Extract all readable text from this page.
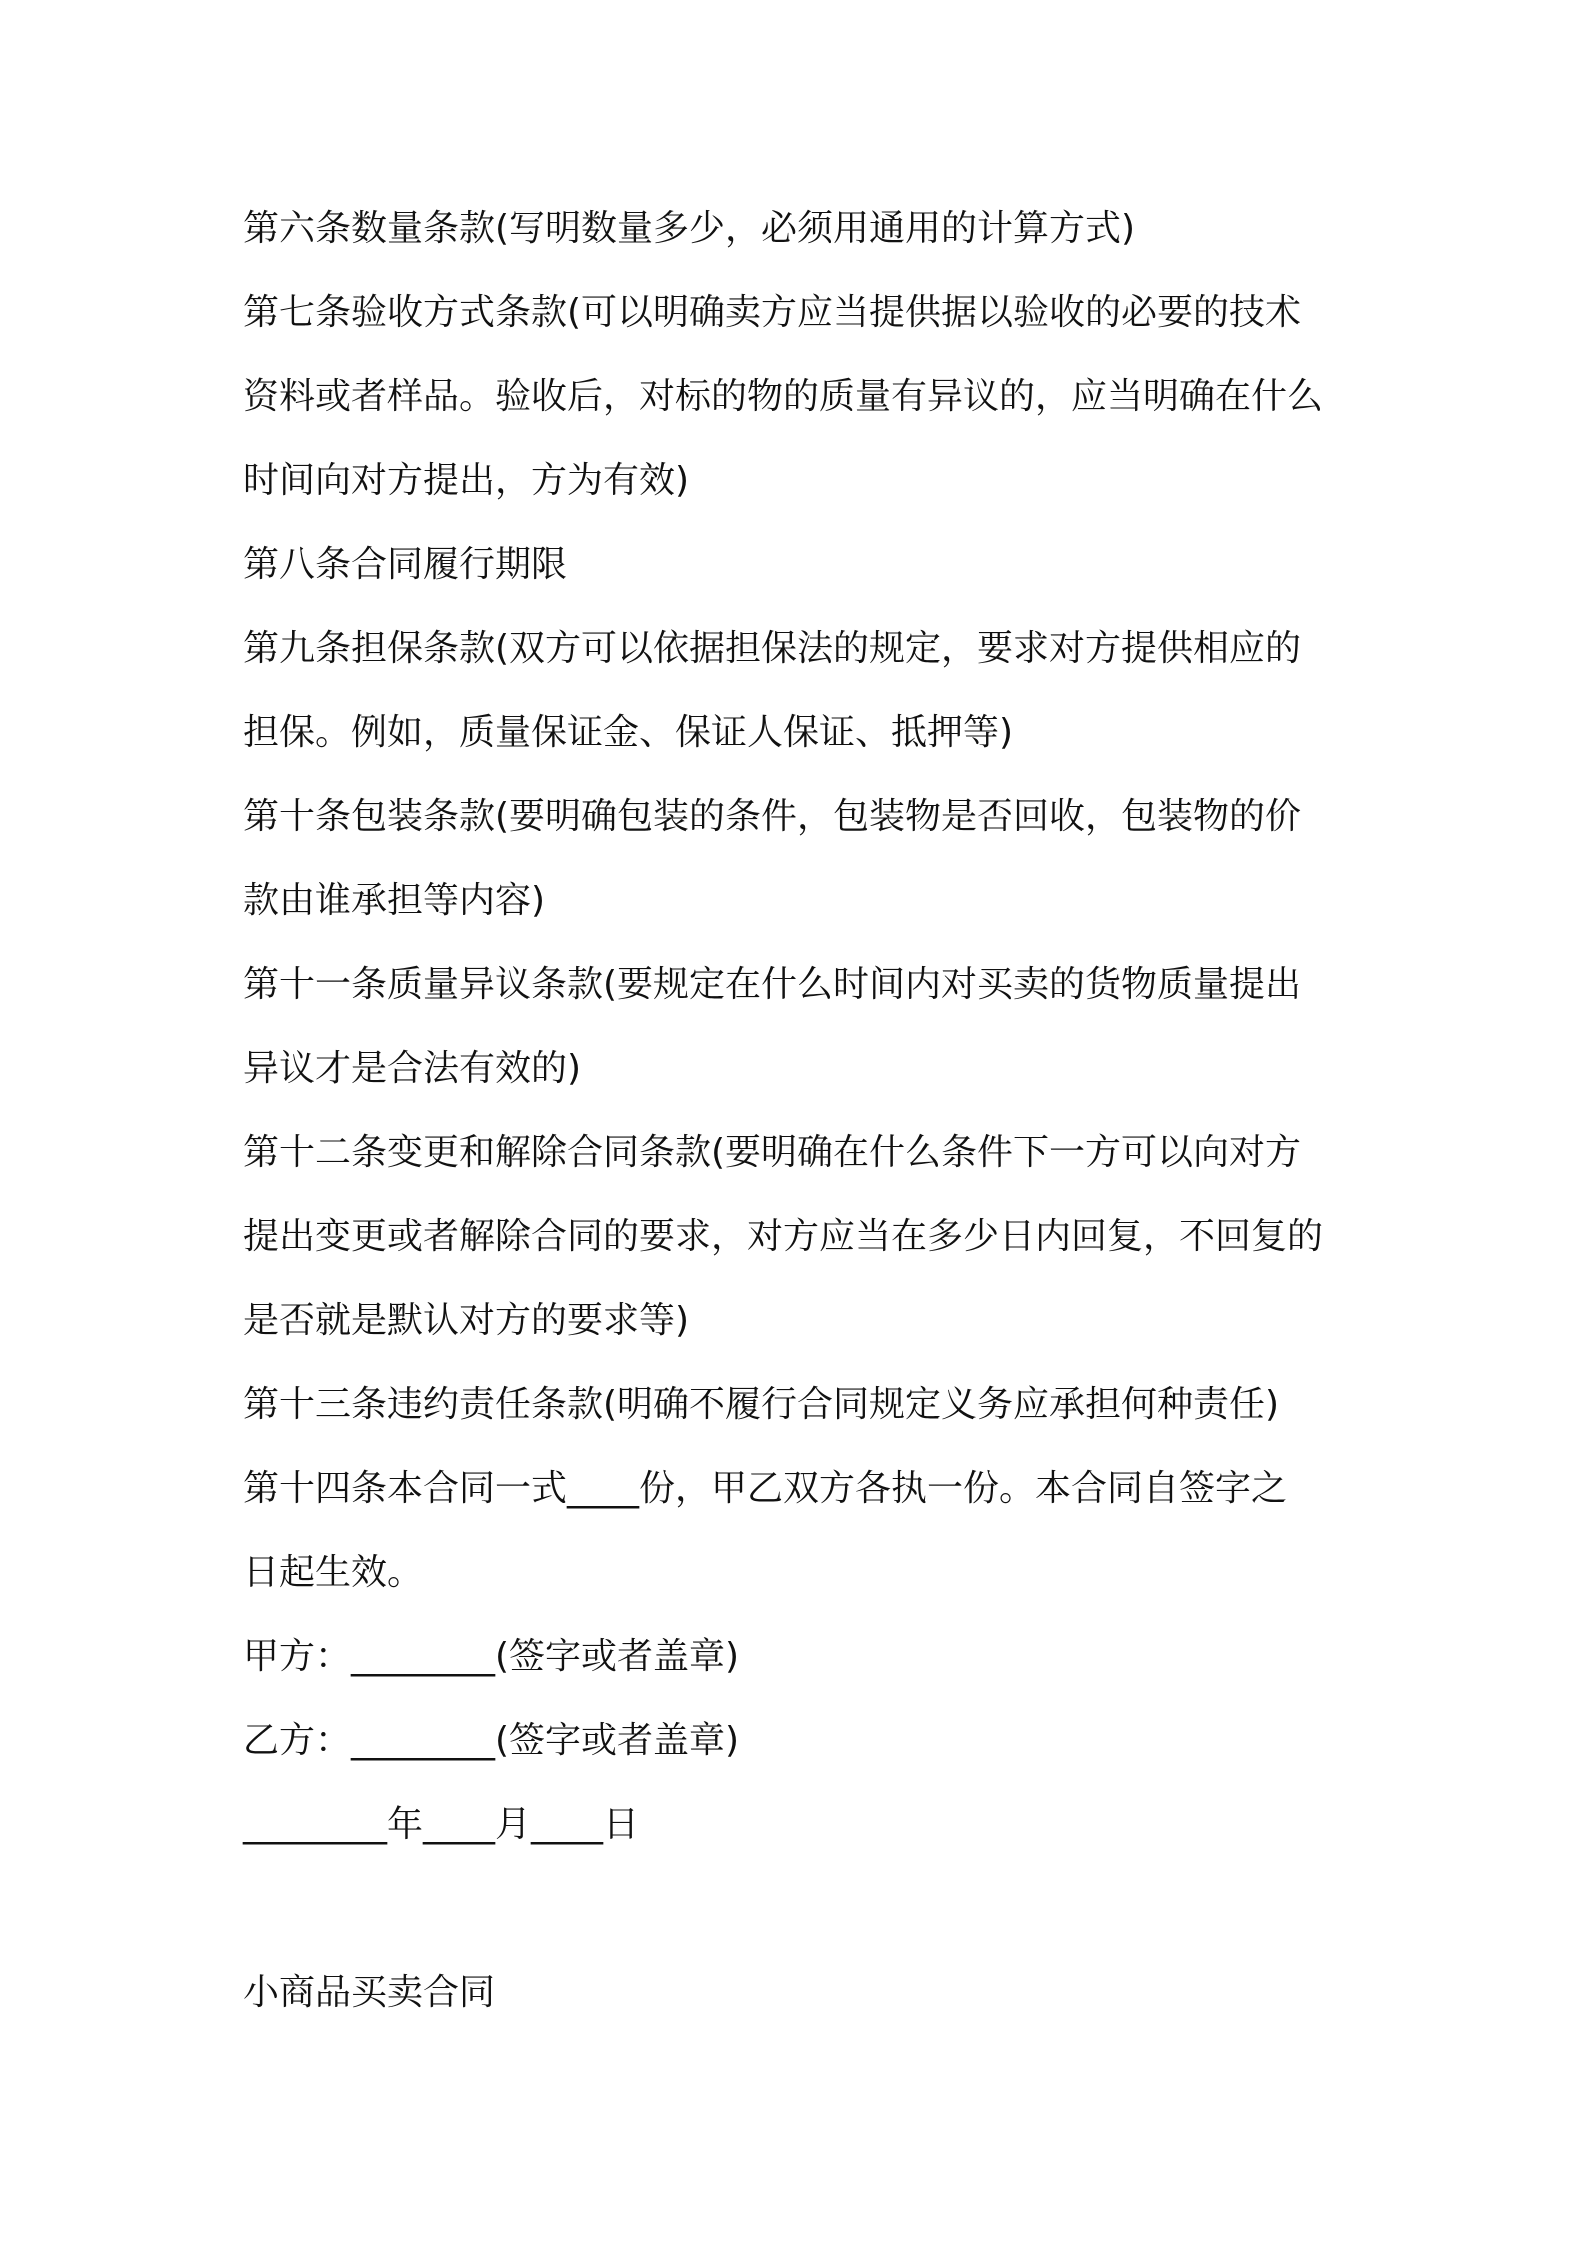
第六条数量条款(写明数量多少，必须用通用的计算方式)
第七条验收方式条款(可以明确卖方应当提供据以验收的必要的技术
资料或者样品。验收后，对标的物的质量有异议的，应当明确在什么
时间向对方提出，方为有效)
第八条合同履行期限
第九条担保条款(双方可以依据担保法的规定，要求对方提供相应的
担保。例如，质量保证金、保证人保证、抵押等)
第十条包装条款(要明确包装的条件，包装物是否回收，包装物的价
款由谁承担等内容)
第十一条质量异议条款(要规定在什么时间内对买卖的货物质量提出
异议才是合法有效的)
第十二条变更和解除合同条款(要明确在什么条件下一方可以向对方
提出变更或者解除合同的要求，对方应当在多少日内回复，不回复的
是否就是默认对方的要求等)
第十三条违约责任条款(明确不履行合同规定义务应承担何种责任)
第十四条本合同一式____份，甲乙双方各执一份。本合同自签字之
日起生效。
甲方：________(签字或者盖章)
乙方：________(签字或者盖章)
________年____月____日
小商品买卖合同
